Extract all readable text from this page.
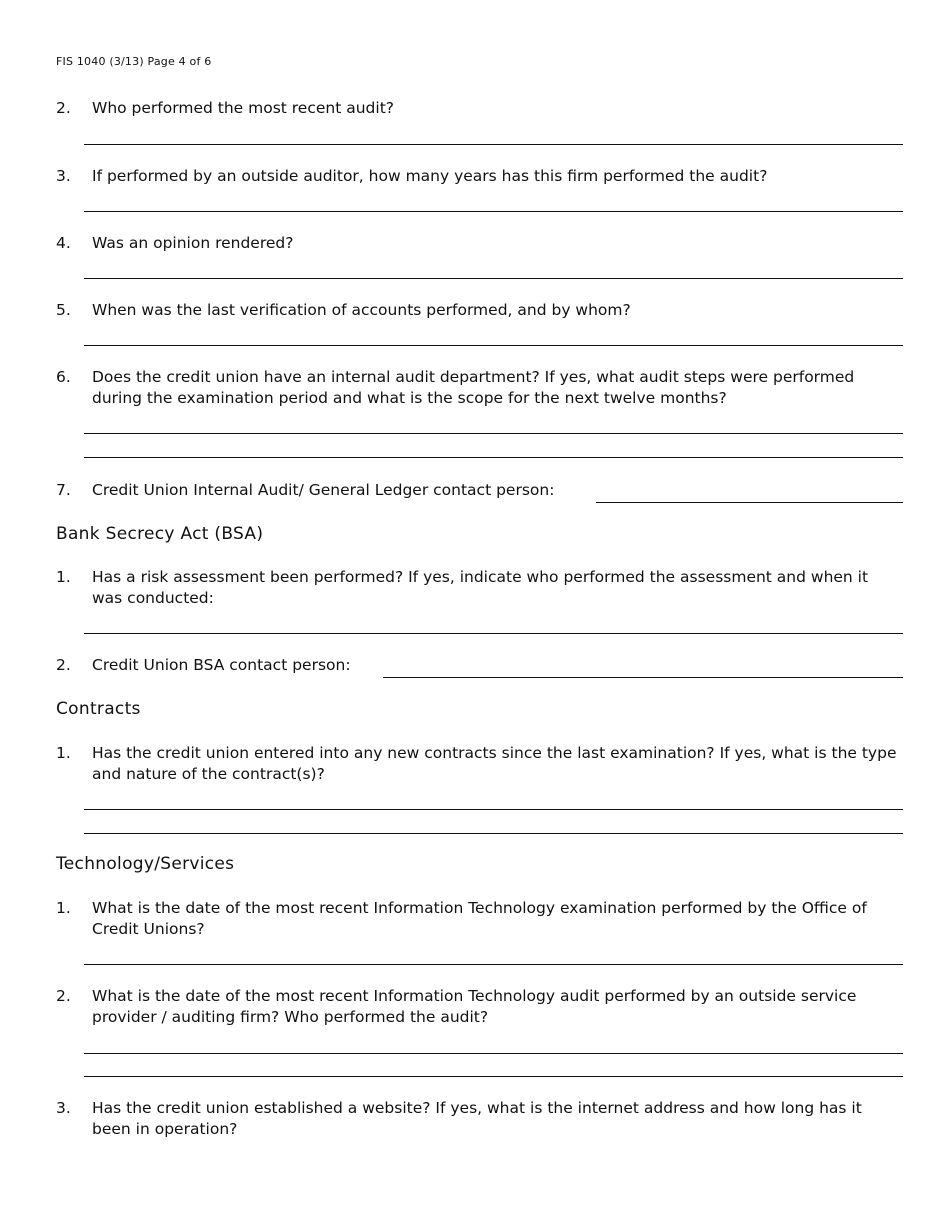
FIS 1040 (3/13) Page 4 of 6
2. Who performed the most recent audit?
3. If performed by an outside auditor, how many years has this firm performed the audit?
4. Was an opinion rendered?
5. When was the last verification of accounts performed, and by whom?
6. Does the credit union have an internal audit department? If yes, what audit steps were performed during the examination period and what is the scope for the next twelve months?
7. Credit Union Internal Audit/ General Ledger contact person:
Bank Secrecy Act (BSA)
1. Has a risk assessment been performed? If yes, indicate who performed the assessment and when it was conducted:
2. Credit Union BSA contact person:
Contracts
1. Has the credit union entered into any new contracts since the last examination? If yes, what is the type and nature of the contract(s)?
Technology/Services
1. What is the date of the most recent Information Technology examination performed by the Office of Credit Unions?
2. What is the date of the most recent Information Technology audit performed by an outside service provider / auditing firm? Who performed the audit?
3. Has the credit union established a website? If yes, what is the internet address and how long has it been in operation?
